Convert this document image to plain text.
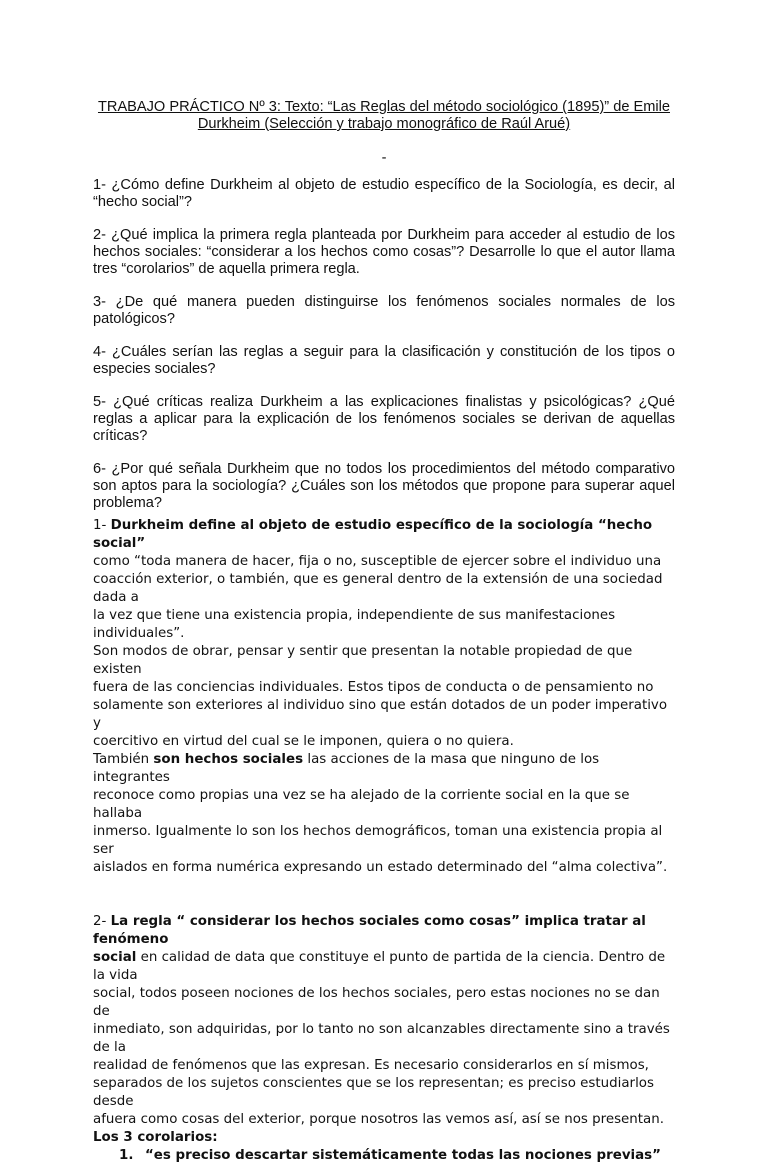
TRABAJO PRÁCTICO Nº 3: Texto: “Las Reglas del método sociológico (1895)” de Emile
Durkheim (Selección y trabajo monográfico de Raúl Arué)
-

1- ¿Cómo define Durkheim al objeto de estudio específico de la Sociología, es decir, al “hecho social”?

2- ¿Qué implica la primera regla planteada por Durkheim para acceder al estudio de los hechos sociales: “considerar a los hechos como cosas”? Desarrolle lo que el autor llama tres “corolarios” de aquella primera regla.

3- ¿De qué manera pueden distinguirse los fenómenos sociales normales de los patológicos?

4- ¿Cuáles serían las reglas a seguir para la clasificación y constitución de los tipos o especies sociales?

5- ¿Qué críticas realiza Durkheim a las explicaciones finalistas y psicológicas? ¿Qué reglas a aplicar para la explicación de los fenómenos sociales se derivan de aquellas críticas?

6- ¿Por qué señala Durkheim que no todos los procedimientos del método comparativo son aptos para la sociología? ¿Cuáles son los métodos que propone para superar aquel problema?

1- Durkheim define al objeto de estudio específico de la sociología “hecho social”

como “toda manera de hacer, fija o no, susceptible de ejercer sobre el individuo una

coacción exterior, o también, que es general dentro de la extensión de una sociedad dada a

la vez que tiene una existencia propia, independiente de sus manifestaciones individuales”.

Son modos de obrar, pensar y sentir que presentan la notable propiedad de que existen

fuera de las conciencias individuales. Estos tipos de conducta o de pensamiento no

solamente son exteriores al individuo sino que están dotados de un poder imperativo y

coercitivo en virtud del cual se le imponen, quiera o no quiera.

También son hechos sociales las acciones de la masa que ninguno de los integrantes

reconoce como propias una vez se ha alejado de la corriente social en la que se hallaba

inmerso. Igualmente lo son los hechos demográficos, toman una existencia propia al ser

aislados en forma numérica expresando un estado determinado del “alma colectiva”.

2- La regla “ considerar los hechos sociales como cosas” implica tratar al fenómeno

social en calidad de data que constituye el punto de partida de la ciencia. Dentro de la vida

social, todos poseen nociones de los hechos sociales, pero estas nociones no se dan de

inmediato, son adquiridas, por lo tanto no son alcanzables directamente sino a través de la

realidad de fenómenos que las expresan. Es necesario considerarlos en sí mismos,

separados de los sujetos conscientes que se los representan; es preciso estudiarlos desde

afuera como cosas del exterior, porque nosotros las vemos así, así se nos presentan.

Los 3 corolarios:

1. “es preciso descartar sistemáticamente todas las nociones previas”
